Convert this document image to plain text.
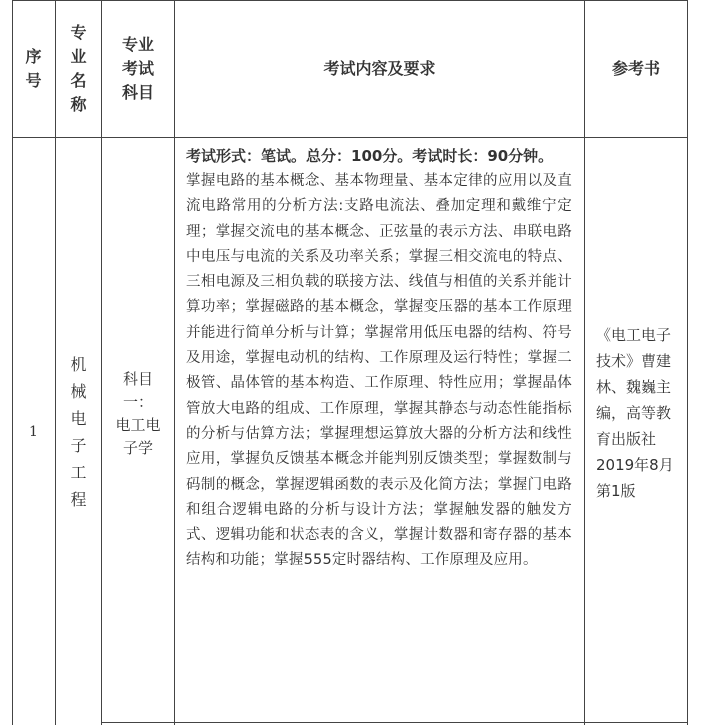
序
号
专
业
名
称
专业
考试
科目
考试内容及要求	参考书
1
机
械
电
子
工
程
科目
一：
电工电
子学
考试形式：笔试。总分：100分。考试时长：90分钟。
掌握电路的基本概念、基本物理量、基本定律的应用以及直流电路常用的分析方法:支路电流法、叠加定理和戴维宁定理；掌握交流电的基本概念、正弦量的表示方法、串联电路中电压与电流的关系及功率关系；掌握三相交流电的特点、三相电源及三相负载的联接方法、线值与相值的关系并能计算功率；掌握磁路的基本概念，掌握变压器的基本工作原理并能进行简单分析与计算；掌握常用低压电器的结构、符号及用途，掌握电动机的结构、工作原理及运行特性；掌握二极管、晶体管的基本构造、工作原理、特性应用；掌握晶体管放大电路的组成、工作原理，掌握其静态与动态性能指标的分析与估算方法；掌握理想运算放大器的分析方法和线性应用，掌握负反馈基本概念并能判别反馈类型；掌握数制与码制的概念，掌握逻辑函数的表示及化简方法；掌握门电路和组合逻辑电路的分析与设计方法；掌握触发器的触发方式、逻辑功能和状态表的含义，掌握计数器和寄存器的基本结构和功能；掌握555定时器结构、工作原理及应用。
《电工电子技术》曹建林、魏巍主编，高等教育出版社2019年8月第1版
